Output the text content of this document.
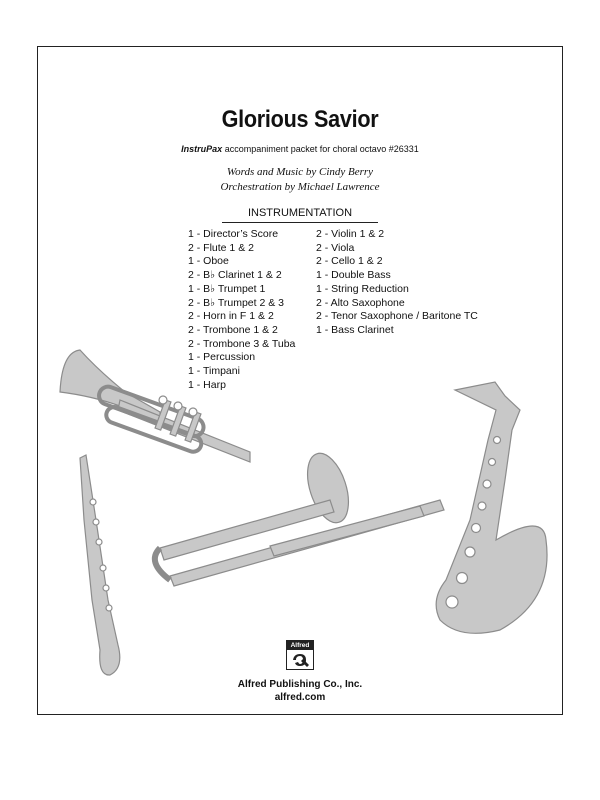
Glorious Savior
InstruPax accompaniment packet for choral octavo #26331
Words and Music by Cindy Berry
Orchestration by Michael Lawrence
INSTRUMENTATION
1 - Director’s Score
2 - Flute 1 & 2
1 - Oboe
2 - B♭ Clarinet 1 & 2
1 - B♭ Trumpet 1
2 - B♭ Trumpet 2 & 3
2 - Horn in F 1 & 2
2 - Trombone 1 & 2
2 - Trombone 3 & Tuba
1 - Percussion
1 - Timpani
1 - Harp
2 - Violin 1 & 2
2 - Viola
2 - Cello 1 & 2
1 - Double Bass
1 - String Reduction
2 - Alto Saxophone
2 - Tenor Saxophone / Baritone TC
1 - Bass Clarinet
Alfred
Alfred Publishing Co., Inc.
alfred.com
